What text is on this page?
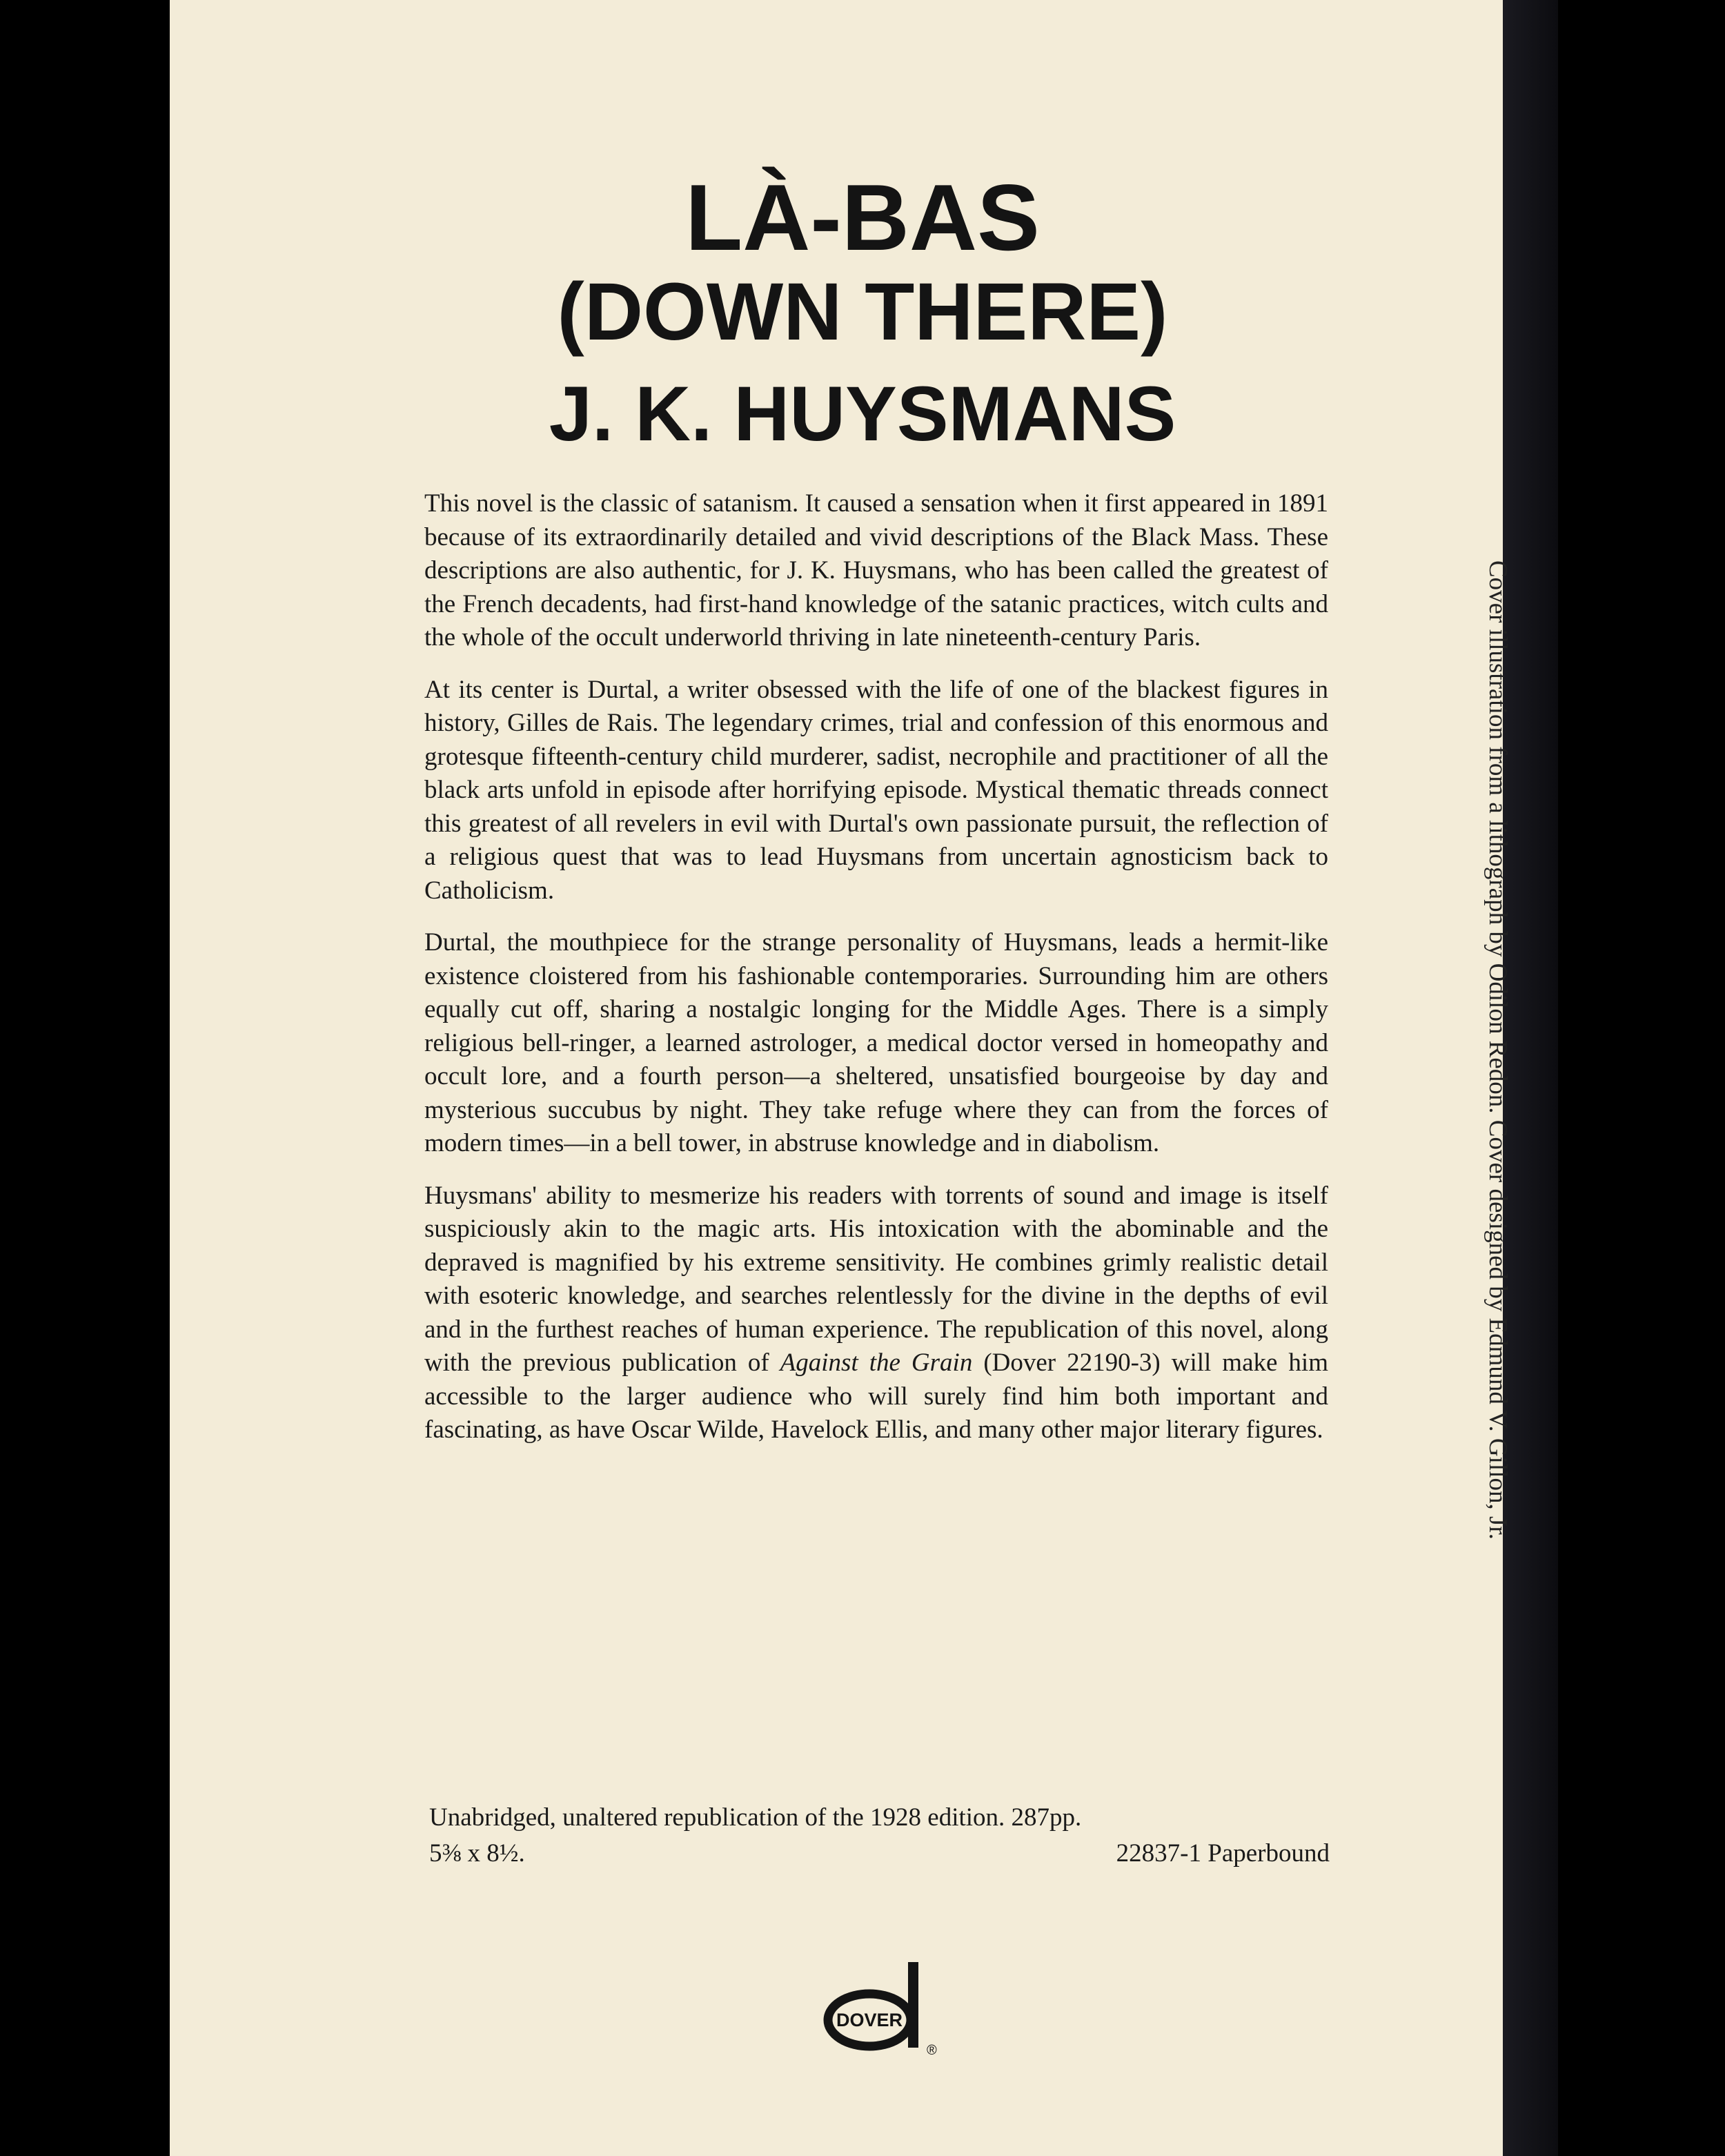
LÀ-BAS
(DOWN THERE)
J. K. HUYSMANS

This novel is the classic of satanism. It caused a sensation when it first appeared in 1891 because of its extraordinarily detailed and vivid descriptions of the Black Mass. These descriptions are also authentic, for J. K. Huysmans, who has been called the greatest of the French decadents, had first-hand knowledge of the satanic practices, witch cults and the whole of the occult underworld thriving in late nineteenth-century Paris.

At its center is Durtal, a writer obsessed with the life of one of the blackest figures in history, Gilles de Rais. The legendary crimes, trial and confession of this enormous and grotesque fifteenth-century child murderer, sadist, necrophile and practitioner of all the black arts unfold in episode after horrifying episode. Mystical thematic threads connect this greatest of all revelers in evil with Durtal's own passionate pursuit, the reflection of a religious quest that was to lead Huysmans from uncertain agnosticism back to Catholicism.

Durtal, the mouthpiece for the strange personality of Huysmans, leads a hermit-like existence cloistered from his fashionable contemporaries. Surrounding him are others equally cut off, sharing a nostalgic longing for the Middle Ages. There is a simply religious bell-ringer, a learned astrologer, a medical doctor versed in homeopathy and occult lore, and a fourth person—a sheltered, unsatisfied bourgeoise by day and mysterious succubus by night. They take refuge where they can from the forces of modern times—in a bell tower, in abstruse knowledge and in diabolism.

Huysmans' ability to mesmerize his readers with torrents of sound and image is itself suspiciously akin to the magic arts. His intoxication with the abominable and the depraved is magnified by his extreme sensitivity. He combines grimly realistic detail with esoteric knowledge, and searches relentlessly for the divine in the depths of evil and in the furthest reaches of human experience. The republication of this novel, along with the previous publication of Against the Grain (Dover 22190-3) will make him accessible to the larger audience who will surely find him both important and fascinating, as have Oscar Wilde, Havelock Ellis, and many other major literary figures.

Unabridged, unaltered republication of the 1928 edition. 287pp.
5⅜ x 8½.	22837-1 Paperbound
Cover illustration from a lithograph by Odilon Redon. Cover designed by Edmund V. Gillon, Jr.
DOVER
®
